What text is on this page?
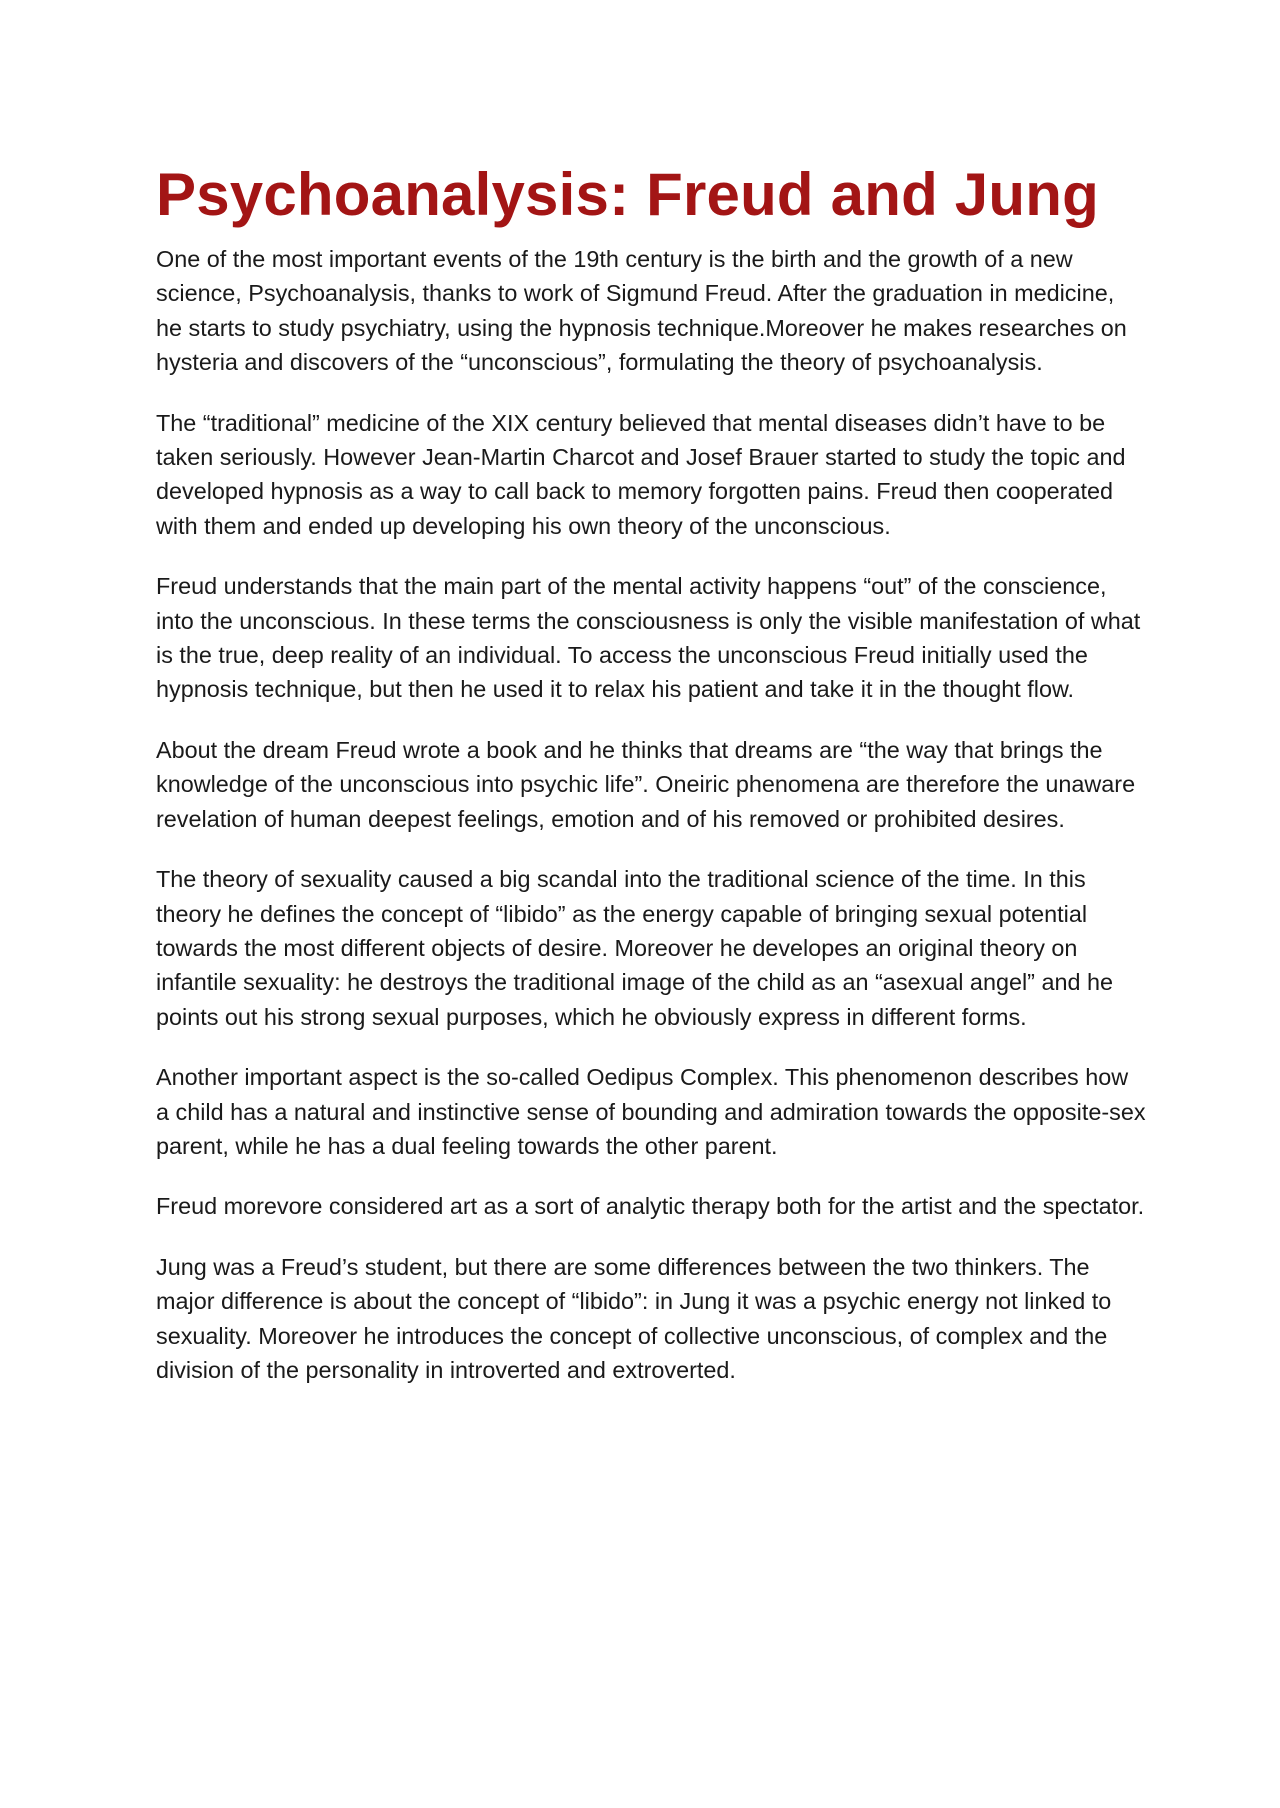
Psychoanalysis: Freud and Jung

One of the most important events of the 19th century is the birth and the growth of a new science, Psychoanalysis, thanks to work of Sigmund Freud. After the graduation in medicine, he starts to study psychiatry, using the hypnosis technique.Moreover he makes researches on hysteria and discovers of the “unconscious”, formulating the theory of psychoanalysis.

The “traditional” medicine of the XIX century believed that mental diseases didn’t have to be taken seriously. However Jean-Martin Charcot and Josef Brauer started to study the topic and developed hypnosis as a way to call back to memory forgotten pains. Freud then cooperated with them and ended up developing his own theory of the unconscious.

Freud understands that the main part of the mental activity happens “out” of the conscience, into the unconscious. In these terms the consciousness is only the visible manifestation of what is the true, deep reality of an individual. To access the unconscious Freud initially used the hypnosis technique, but then he used it to relax his patient and take it in the thought flow.

About the dream Freud wrote a book and he thinks that dreams are “the way that brings the knowledge of the unconscious into psychic life”. Oneiric phenomena are therefore the unaware revelation of human deepest feelings, emotion and of his removed or prohibited desires.

The theory of sexuality caused a big scandal into the traditional science of the time. In this theory he defines the concept of “libido” as the energy capable of bringing sexual potential towards the most different objects of desire. Moreover he developes an original theory on infantile sexuality: he destroys the traditional image of the child as an “asexual angel” and he points out his strong sexual purposes, which he obviously express in different forms.

Another important aspect is the so-called Oedipus Complex. This phenomenon describes how a child has a natural and instinctive sense of bounding and admiration towards the opposite-sex parent, while he has a dual feeling towards the other parent.

Freud morevore considered art as a sort of analytic therapy both for the artist and the spectator.

Jung was a Freud’s student, but there are some differences between the two thinkers. The major difference is about the concept of “libido”: in Jung it was a psychic energy not linked to sexuality. Moreover he introduces the concept of collective unconscious, of complex and the division of the personality in introverted and extroverted.
